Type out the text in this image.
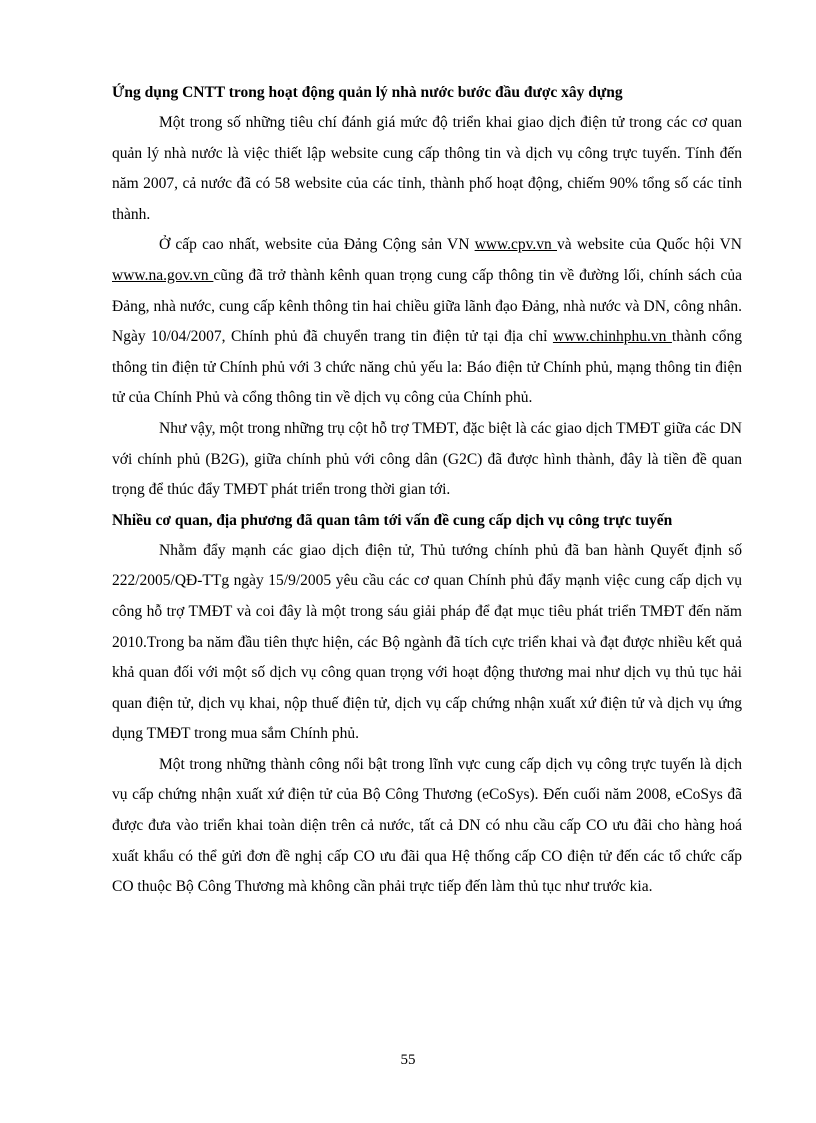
Ứng dụng CNTT trong hoạt động quản lý nhà nước bước đầu được xây dựng

Một trong số những tiêu chí đánh giá mức độ triển khai giao dịch điện tử trong các cơ quan quản lý nhà nước là việc thiết lập website cung cấp thông tin và dịch vụ công trực tuyến. Tính đến năm 2007, cả nước đã có 58 website của các tỉnh, thành phố hoạt động, chiếm 90% tổng số các tỉnh thành.

Ở cấp cao nhất, website của Đảng Cộng sản VN www.cpv.vn và website của Quốc hội VN www.na.gov.vn cũng đã trở thành kênh quan trọng cung cấp thông tin về đường lối, chính sách của Đảng, nhà nước, cung cấp kênh thông tin hai chiều giữa lãnh đạo Đảng, nhà nước và DN, công nhân. Ngày 10/04/2007, Chính phủ đã chuyển trang tin điện tử tại địa chỉ www.chinhphu.vn thành cổng thông tin điện tử Chính phủ với 3 chức năng chủ yếu la: Báo điện tử Chính phủ, mạng thông tin điện tử của Chính Phủ và cổng thông tin về dịch vụ công của Chính phủ.

Như vậy, một trong những trụ cột hỗ trợ TMĐT, đặc biệt là các giao dịch TMĐT giữa các DN với chính phủ (B2G), giữa chính phủ với công dân (G2C) đã được hình thành, đây là tiền đề quan trọng để thúc đẩy TMĐT phát triển trong thời gian tới.

Nhiều cơ quan, địa phương đã quan tâm tới vấn đề cung cấp dịch vụ công trực tuyến

Nhằm đẩy mạnh các giao dịch điện tử, Thủ tướng chính phủ đã ban hành Quyết định số 222/2005/QĐ-TTg ngày 15/9/2005 yêu cầu các cơ quan Chính phủ đẩy mạnh việc cung cấp dịch vụ công hỗ trợ TMĐT và coi đây là một trong sáu giải pháp để đạt mục tiêu phát triển TMĐT đến năm 2010.Trong ba năm đầu tiên thực hiện, các Bộ ngành đã tích cực triển khai và đạt được nhiều kết quả khả quan đối với một số dịch vụ công quan trọng với hoạt động thương mai như dịch vụ thủ tục hải quan điện tử, dịch vụ khai, nộp thuế điện tử, dịch vụ cấp chứng nhận xuất xứ điện tử và dịch vụ ứng dụng TMĐT trong mua sắm Chính phủ.

Một trong những thành công nổi bật trong lĩnh vực cung cấp dịch vụ công trực tuyến là dịch vụ cấp chứng nhận xuất xứ điện tử của Bộ Công Thương (eCoSys). Đến cuối năm 2008, eCoSys đã được đưa vào triển khai toàn diện trên cả nước, tất cả DN có nhu cầu cấp CO ưu đãi cho hàng hoá xuất khẩu có thể gửi đơn đề nghị cấp CO ưu đãi qua Hệ thống cấp CO điện tử đến các tổ chức cấp CO thuộc Bộ Công Thương mà không cần phải trực tiếp đến làm thủ tục như trước kia.

55
